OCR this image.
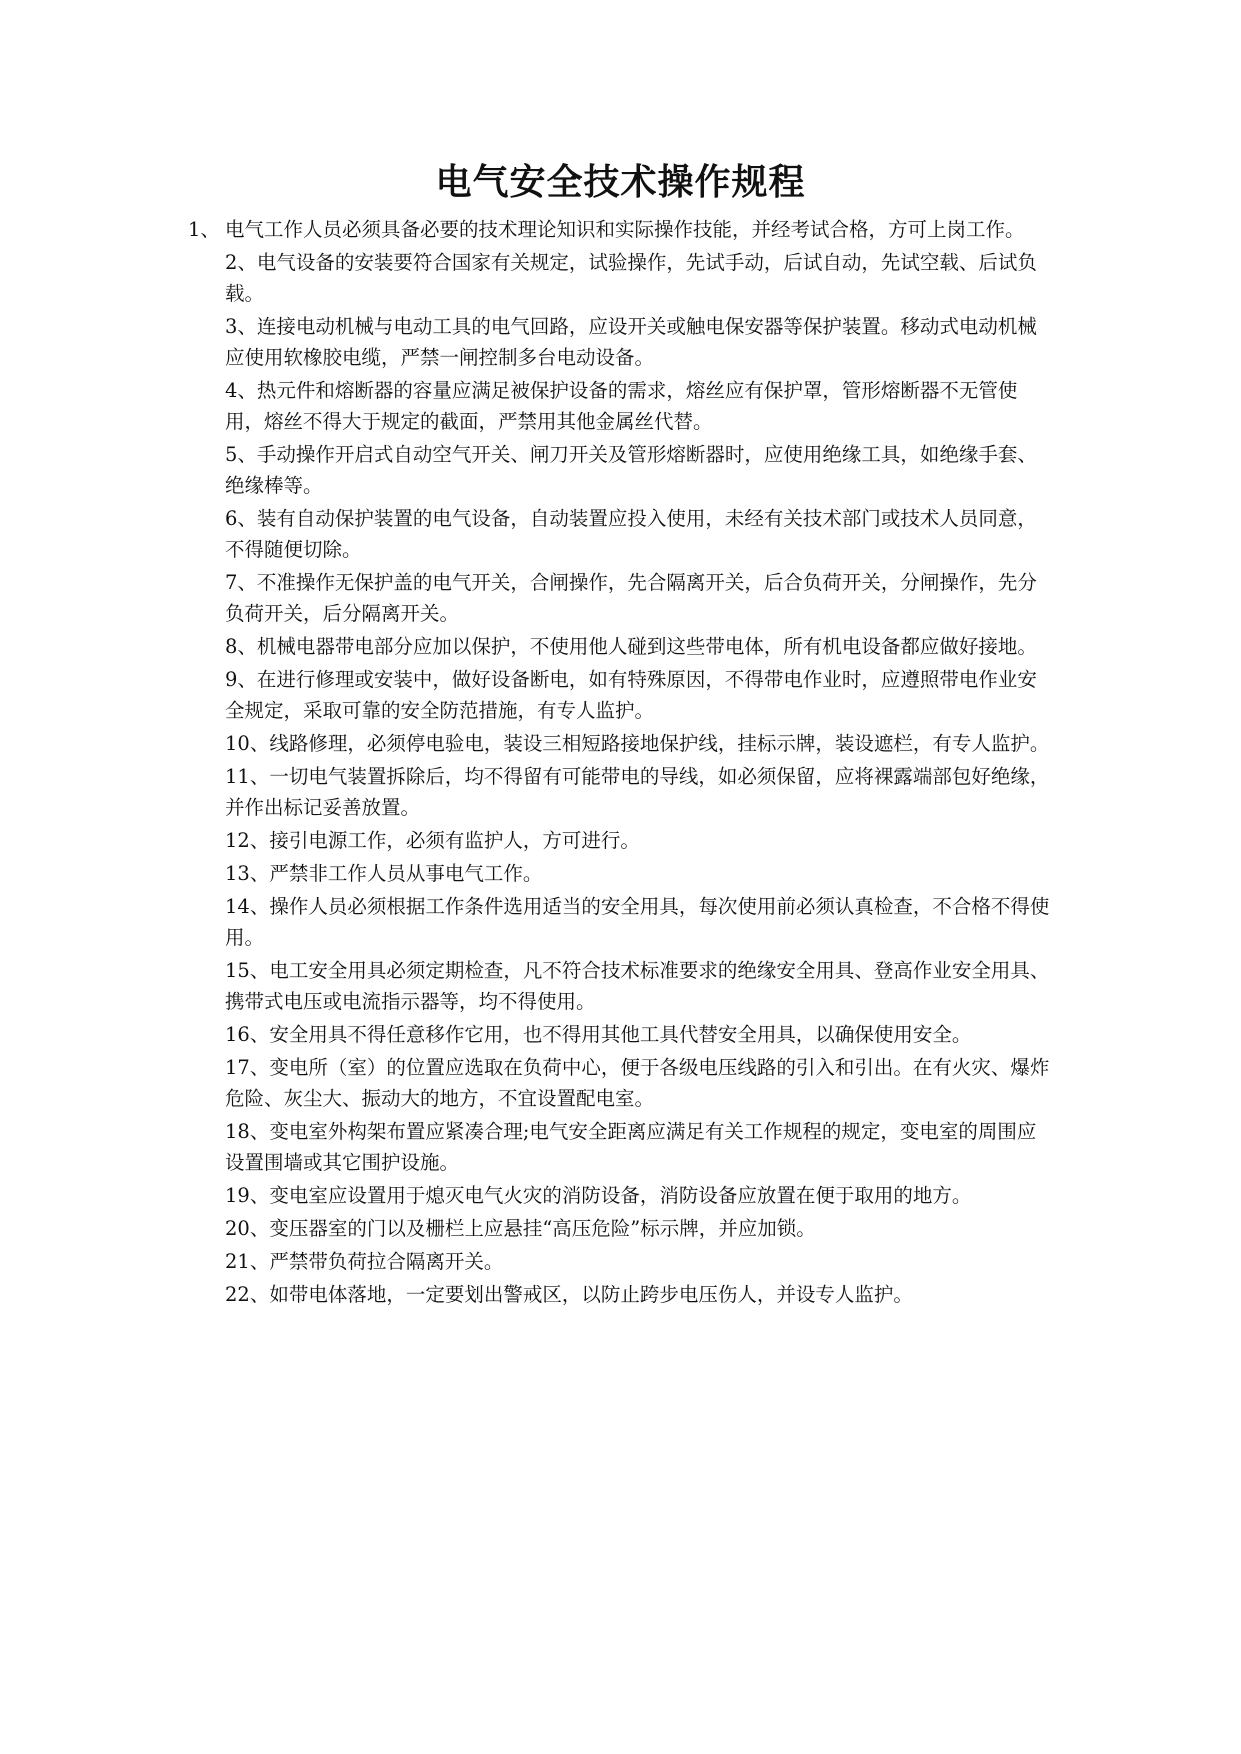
电气安全技术操作规程
1、 电气工作人员必须具备必要的技术理论知识和实际操作技能，并经考试合格，方可上岗工作。
2、电气设备的安装要符合国家有关规定，试验操作，先试手动，后试自动，先试空载、后试负载。
3、连接电动机械与电动工具的电气回路，应设开关或触电保安器等保护装置。移动式电动机械应使用软橡胶电缆，严禁一闸控制多台电动设备。
4、热元件和熔断器的容量应满足被保护设备的需求，熔丝应有保护罩，管形熔断器不无管使用，熔丝不得大于规定的截面，严禁用其他金属丝代替。
5、手动操作开启式自动空气开关、闸刀开关及管形熔断器时，应使用绝缘工具，如绝缘手套、绝缘棒等。
6、装有自动保护装置的电气设备，自动装置应投入使用，未经有关技术部门或技术人员同意，不得随便切除。
7、不准操作无保护盖的电气开关，合闸操作，先合隔离开关，后合负荷开关，分闸操作，先分负荷开关，后分隔离开关。
8、机械电器带电部分应加以保护，不使用他人碰到这些带电体，所有机电设备都应做好接地。
9、在进行修理或安装中，做好设备断电，如有特殊原因，不得带电作业时，应遵照带电作业安全规定，采取可靠的安全防范措施，有专人监护。
10、线路修理，必须停电验电，装设三相短路接地保护线，挂标示牌，装设遮栏，有专人监护。
11、一切电气装置拆除后，均不得留有可能带电的导线，如必须保留，应将裸露端部包好绝缘，并作出标记妥善放置。
12、接引电源工作，必须有监护人，方可进行。
13、严禁非工作人员从事电气工作。
14、操作人员必须根据工作条件选用适当的安全用具，每次使用前必须认真检查，不合格不得使用。
15、电工安全用具必须定期检查，凡不符合技术标准要求的绝缘安全用具、登高作业安全用具、携带式电压或电流指示器等，均不得使用。
16、安全用具不得任意移作它用，也不得用其他工具代替安全用具，以确保使用安全。
17、变电所（室）的位置应选取在负荷中心，便于各级电压线路的引入和引出。在有火灾、爆炸危险、灰尘大、振动大的地方，不宜设置配电室。
18、变电室外构架布置应紧凑合理;电气安全距离应满足有关工作规程的规定，变电室的周围应设置围墙或其它围护设施。
19、变电室应设置用于熄灭电气火灾的消防设备，消防设备应放置在便于取用的地方。
20、变压器室的门以及栅栏上应悬挂“高压危险”标示牌，并应加锁。
21、严禁带负荷拉合隔离开关。
22、如带电体落地，一定要划出警戒区，以防止跨步电压伤人，并设专人监护。
